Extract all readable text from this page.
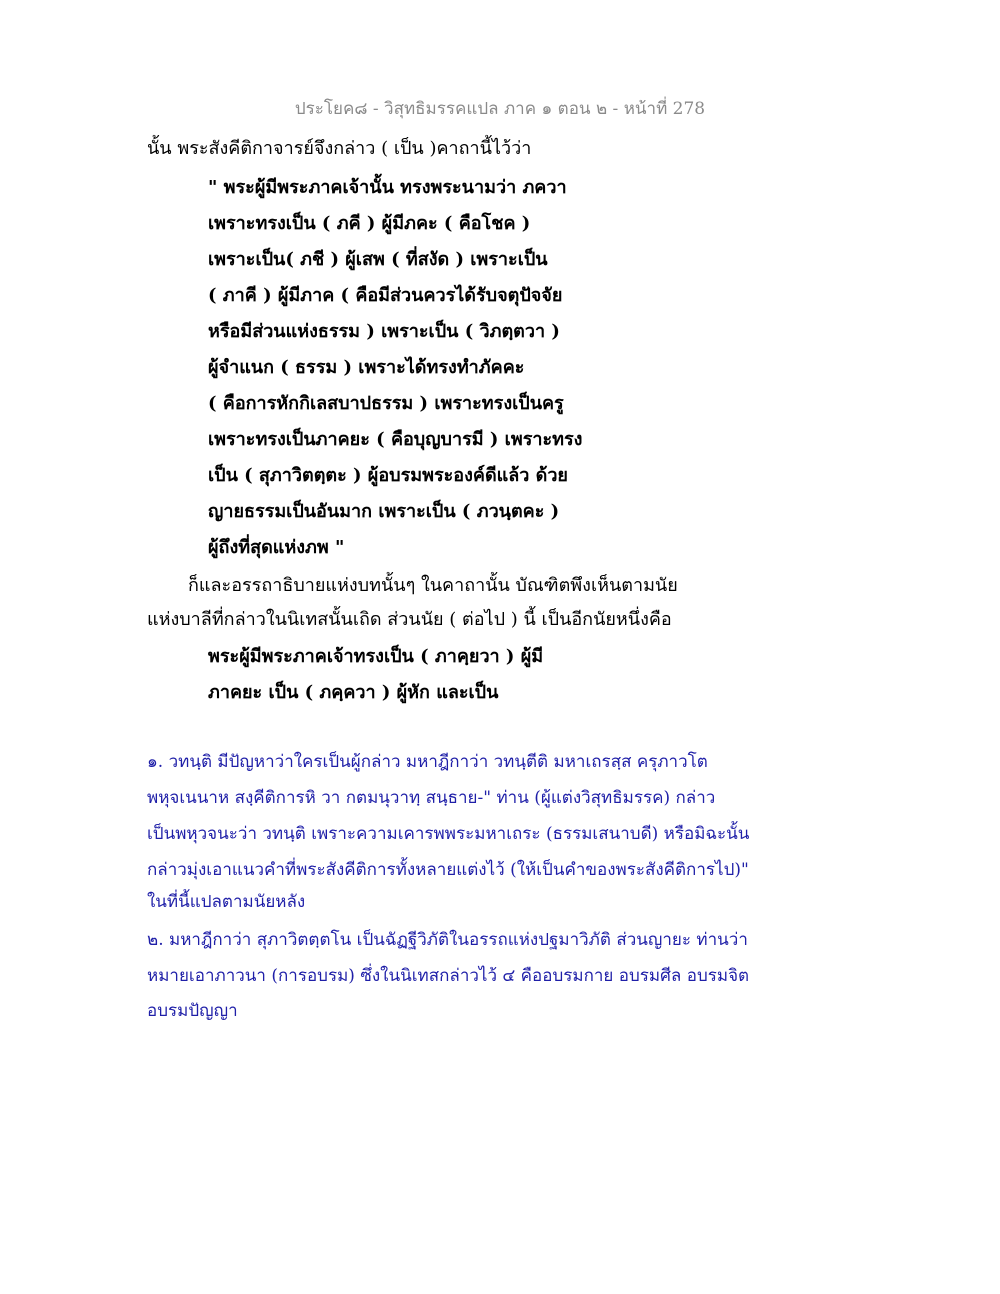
ประโยค๘ - วิสุทธิมรรคแปล ภาค ๑ ตอน ๒ - หน้าที่ 278
นั้น พระสังคีติกาจารย์จึงกล่าว ( เป็น )คาถานี้ไว้ว่า
" พระผู้มีพระภาคเจ้านั้น ทรงพระนามว่า ภควา
เพราะทรงเป็น ( ภคี ) ผู้มีภคะ ( คือโชค )
เพราะเป็น( ภชี ) ผู้เสพ ( ที่สงัด ) เพราะเป็น
( ภาคี ) ผู้มีภาค ( คือมีส่วนควรได้รับจตุปัจจัย
หรือมีส่วนแห่งธรรม ) เพราะเป็น ( วิภตฺตวา )
ผู้จำแนก ( ธรรม ) เพราะได้ทรงทำภัคคะ
( คือการหักกิเลสบาปธรรม ) เพราะทรงเป็นครู
เพราะทรงเป็นภาคยะ ( คือบุญบารมี ) เพราะทรง
เป็น ( สุภาวิตตฺตะ ) ผู้อบรมพระองค์ดีแล้ว ด้วย
ญายธรรมเป็นอันมาก เพราะเป็น ( ภวนฺตคะ )
ผู้ถึงที่สุดแห่งภพ "
ก็และอรรถาธิบายแห่งบทนั้นๆ ในคาถานั้น บัณฑิตพึงเห็นตามนัย
แห่งบาลีที่กล่าวในนิเทสนั้นเถิด ส่วนนัย ( ต่อไป ) นี้ เป็นอีกนัยหนึ่งคือ
พระผู้มีพระภาคเจ้าทรงเป็น ( ภาคฺยวา ) ผู้มี
ภาคยะ เป็น ( ภคฺควา ) ผู้หัก และเป็น
๑. วทนฺติ มีปัญหาว่าใครเป็นผู้กล่าว มหาฎีกาว่า วทนฺตีติ มหาเถรสฺส ครุภาวโต
พหุจเนนาห สงฺคีติการหิ วา กตมนุวาทฺ สนฺธาย-" ท่าน (ผู้แต่งวิสุทธิมรรค) กล่าว
เป็นพหุวจนะว่า วทนฺติ เพราะความเคารพพระมหาเถระ (ธรรมเสนาบดี) หรือมิฉะนั้น
กล่าวมุ่งเอาแนวคำที่พระสังคีติการทั้งหลายแต่งไว้ (ให้เป็นคำของพระสังคีติการไป)"
ในที่นี้แปลตามนัยหลัง
๒. มหาฎีกาว่า สุภาวิตตฺตโน เป็นฉัฏฐีวิภัติในอรรถแห่งปฐมาวิภัติ ส่วนญายะ ท่านว่า
หมายเอาภาวนา (การอบรม) ซึ่งในนิเทสกล่าวไว้ ๔ คืออบรมกาย อบรมศีล อบรมจิต
อบรมปัญญา
